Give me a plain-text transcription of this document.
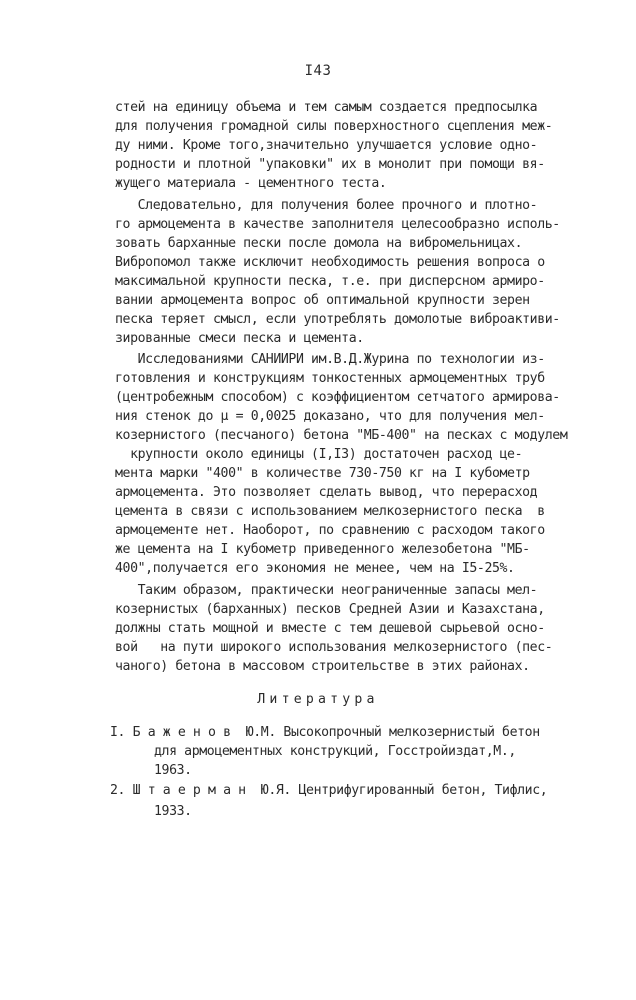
I43
стей на единицу объема и тем самым создается предпосылка
для получения громадной силы поверхностного сцепления меж-
ду ними. Кроме того,значительно улучшается условие одно-
родности и плотной "упаковки" их в монолит при помощи вя-
жущего материала - цементного теста.
Следовательно, для получения более прочного и плотно-
го армоцемента в качестве заполнителя целесообразно исполь-
зовать барханные пески после домола на вибромельницах.
Вибропомол также исключит необходимость решения вопроса о
максимальной крупности песка, т.е. при дисперсном армиро-
вании армоцемента вопрос об оптимальной крупности зерен
песка теряет смысл, если употреблять домолотые виброактиви-
зированные смеси песка и цемента.
Исследованиями САНИИРИ им.В.Д.Журина по технологии из-
готовления и конструкциям тонкостенных армоцементных труб
(центробежным способом) с коэффициентом сетчатого армирова-
ния стенок до μ = 0,0025 доказано, что для получения мел-
козернистого (песчаного) бетона "МБ-400" на песках с модулем
крупности около единицы (I,I3) достаточен расход це-
мента марки "400" в количестве 730-750 кг на I кубометр
армоцемента. Это позволяет сделать вывод, что перерасход
цемента в связи с использованием мелкозернистого песка  в
армоцементе нет. Наоборот, по сравнению с расходом такого
же цемента на I кубометр приведенного железобетона "МБ-
400",получается его экономия не менее, чем на I5-25%.
Таким образом, практически неограниченные запасы мел-
козернистых (барханных) песков Средней Азии и Казахстана,
должны стать мощной и вместе с тем дешевой сырьевой осно-
вой   на пути широкого использования мелкозернистого (пес-
чаного) бетона в массовом строительстве в этих районах.
Литература
I. Б а ж е н о в  Ю.М. Высокопрочный мелкозернистый бетон
для армоцементных конструкций, Госстройиздат,М.,
1963.
2. Ш т а е р м а н  Ю.Я. Центрифугированный бетон, Тифлис,
1933.
